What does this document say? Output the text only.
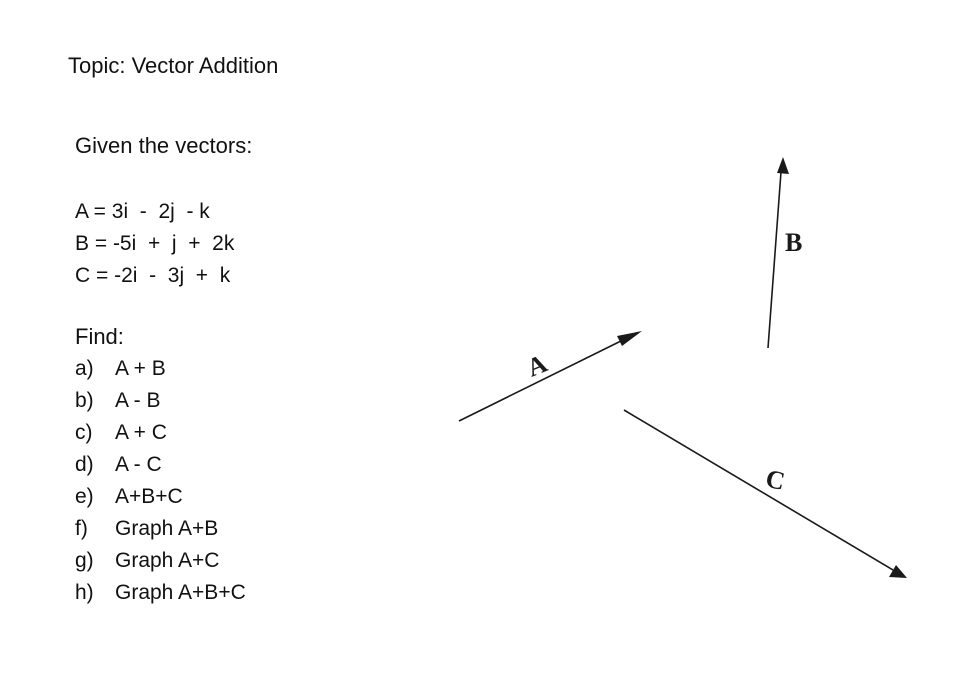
Topic: Vector Addition
Given the vectors:
A = 3i  -  2j  - k
B = -5i  +  j  +  2k
C = -2i  -  3j  +  k
Find:
a)	A + B
b)	A - B
c)	A + C
d)	A - C
e)	A+B+C
f)	Graph A+B
g)	Graph A+C
h)	Graph A+B+C
A
B
C
